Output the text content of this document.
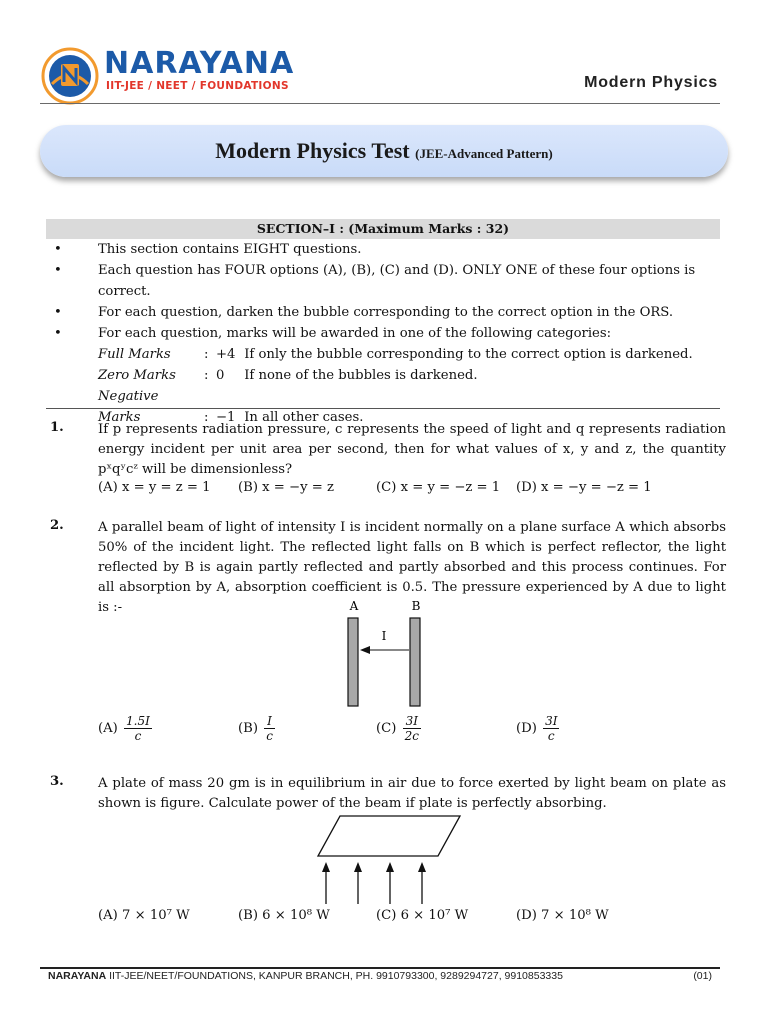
NARAYANA
IIT-JEE / NEET / FOUNDATIONS	Modern Physics
Modern Physics Test (JEE-Advanced Pattern)
SECTION–I : (Maximum Marks : 32)
•	This section contains EIGHT questions.
•	Each question has FOUR options (A), (B), (C) and (D). ONLY ONE of these four options is correct.
•	For each question, darken the bubble corresponding to the correct option in the ORS.
•	For each question, marks will be awarded in one of the following categories:
Full Marks	: +4 If only the bubble corresponding to the correct option is darkened.
Zero Marks : 0 If none of the bubbles is darkened.
Negative Marks	: −1 In all other cases.
1.	If p represents radiation pressure, c represents the speed of light and q represents radiation energy incident per unit area per second, then for what values of x, y and z, the quantity pˣqʸcᶻ will be dimensionless?
(A) x = y = z = 1 (B) x = −y = z	(C) x = y = −z = 1 (D) x = −y = −z = 1
2.	A parallel beam of light of intensity I is incident normally on a plane surface A which absorbs 50% of the incident light. The reflected light falls on B which is perfect reflector, the light reflected by B is again partly reflected and partly absorbed and this process continues. For all absorption by A, absorption coefficient is 0.5. The pressure experienced by A due to light is :-	A	B
I
$(A) \frac{1.5I}{c}$	$(B) \frac{I}{c}$	$(C) \frac{3I}{2c}$	$(D) \frac{3I}{c}$
3.	A plate of mass 20 gm is in equilibrium in air due to force exerted by light beam on plate as shown is figure. Calculate power of the beam if plate is perfectly absorbing.
(A) 7 × 10⁷ W	(B) 6 × 10⁸ W	(C) 6 × 10⁷ W	(D) 7 × 10⁸ W
NARAYANA IIT-JEE/NEET/FOUNDATIONS, KANPUR BRANCH, PH. 9910793300, 9289294727, 9910853335	(01)
